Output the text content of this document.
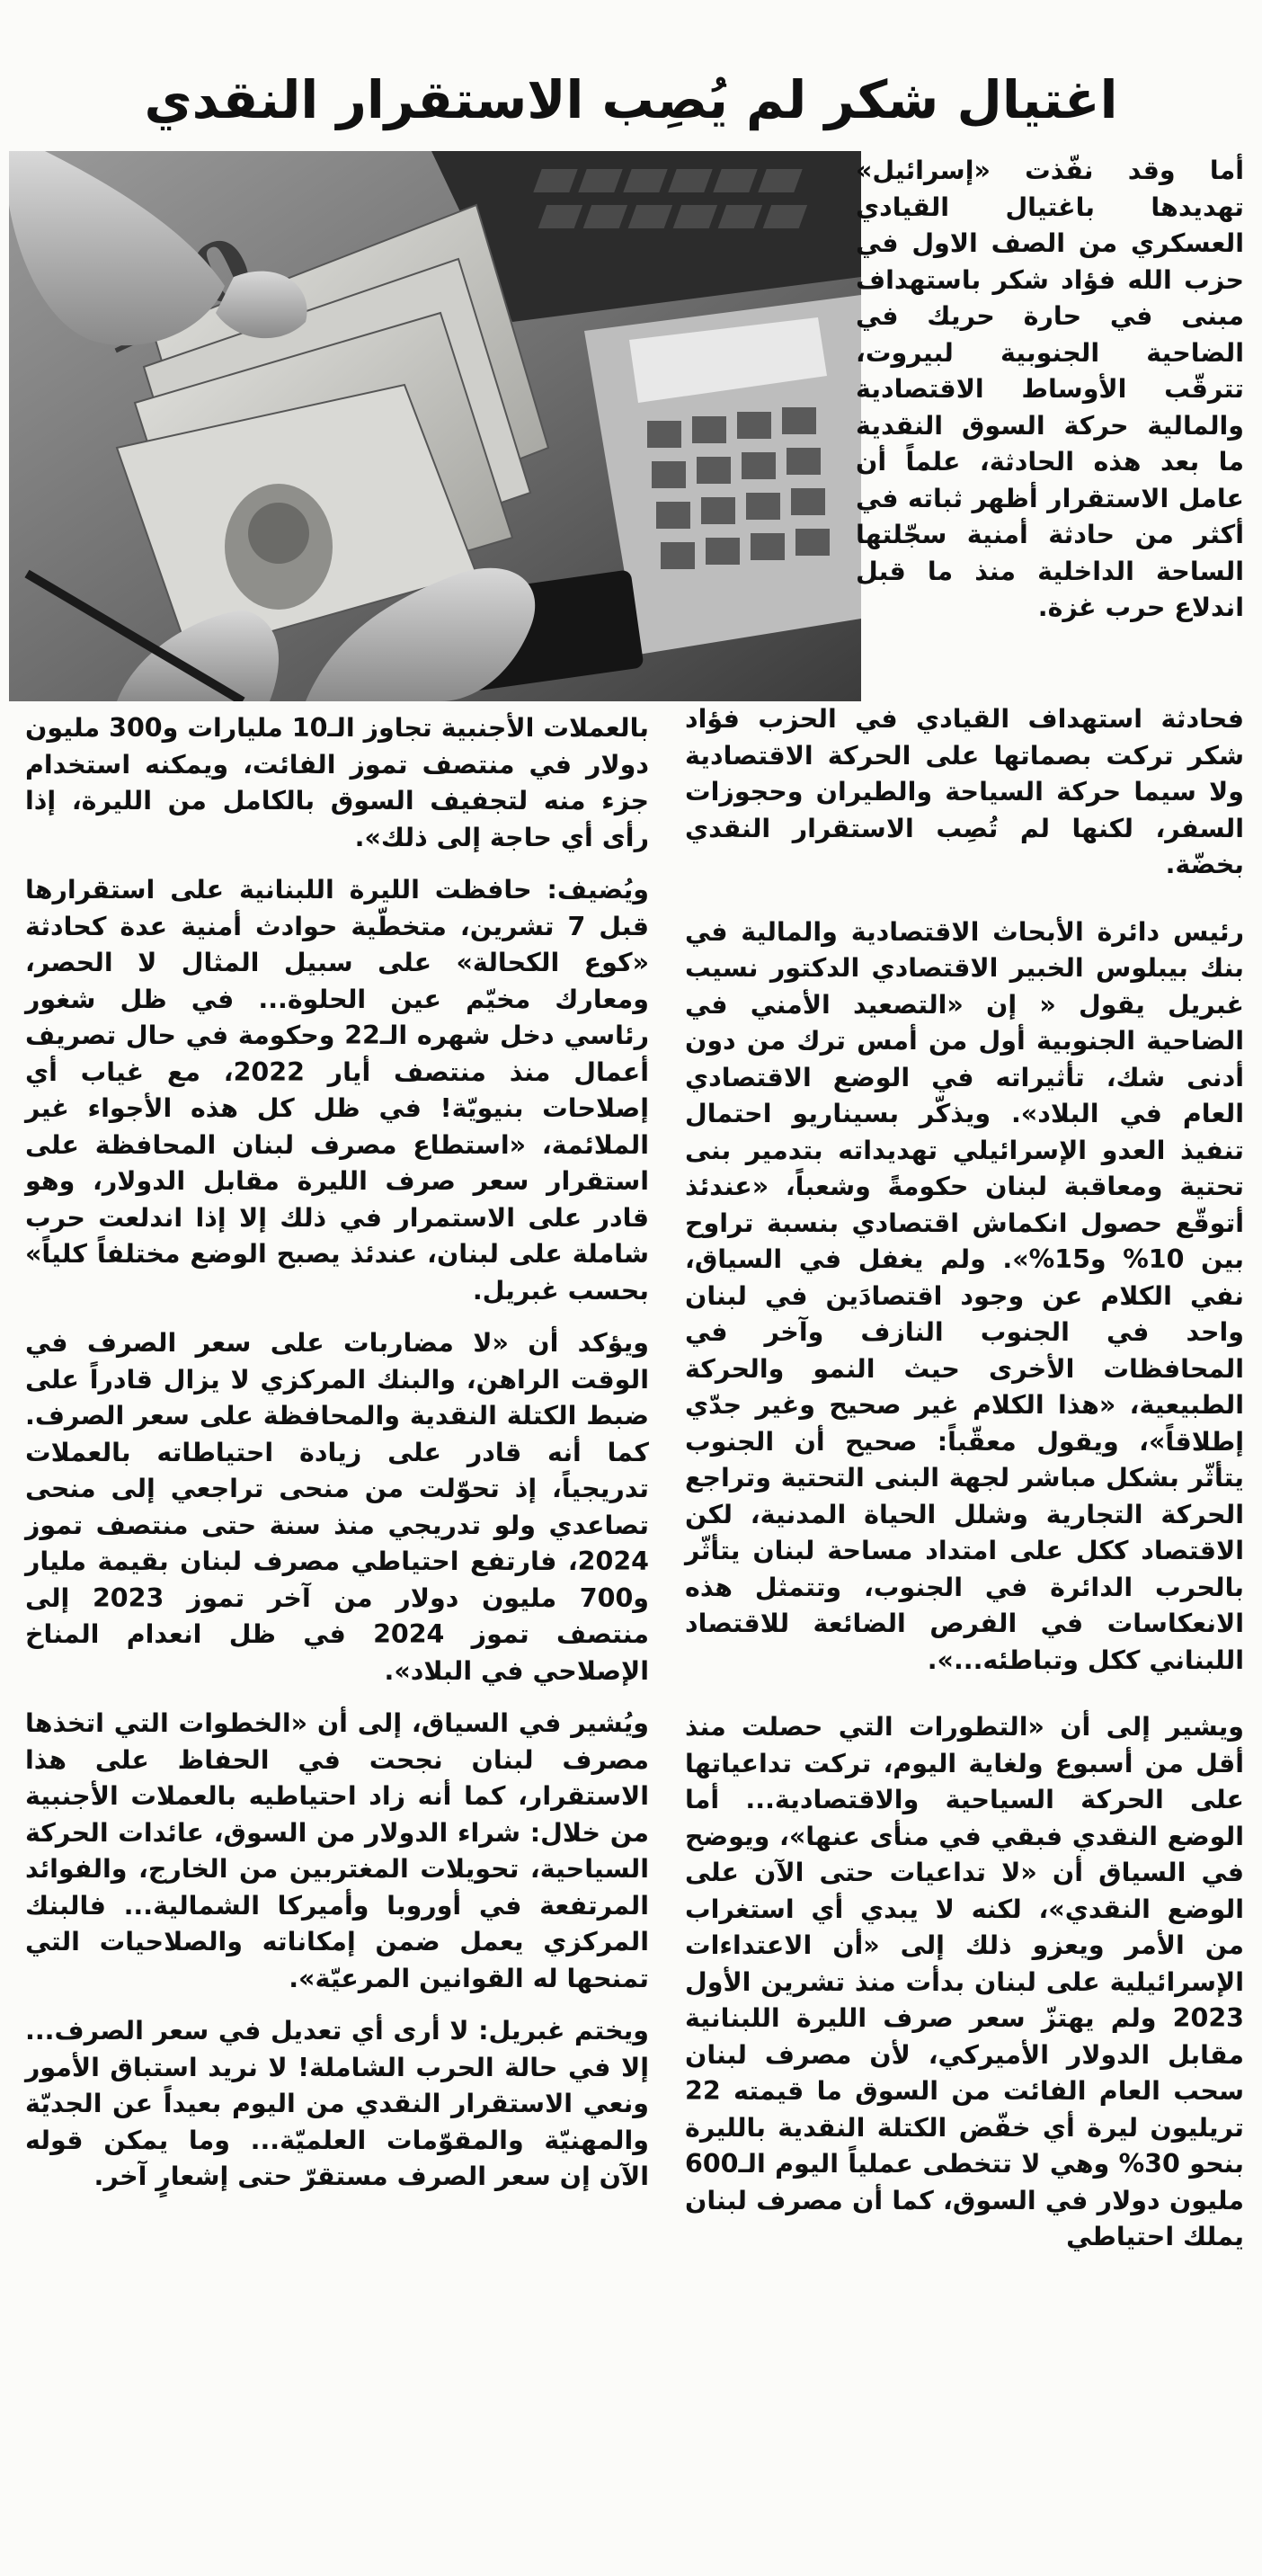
اغتيال شكر لم يُصِب الاستقرار النقدي

أما وقد نفّذت «إسرائيل» تهديدها باغتيال القيادي العسكري من الصف الاول في حزب الله فؤاد شكر باستهداف مبنى في حارة حريك في الضاحية الجنوبية لبيروت، تترقّب الأوساط الاقتصادية والمالية حركة السوق النقدية ما بعد هذه الحادثة، علماً أن عامل الاستقرار أظهر ثباته في أكثر من حادثة أمنية سجّلتها الساحة الداخلية منذ ما قبل اندلاع حرب غزة.

فحادثة استهداف القيادي في الحزب فؤاد شكر تركت بصماتها على الحركة الاقتصادية ولا سيما حركة السياحة والطيران وحجوزات السفر، لكنها لم تُصِب الاستقرار النقدي بخضّة.

رئيس دائرة الأبحاث الاقتصادية والمالية في بنك بيبلوس الخبير الاقتصادي الدكتور نسيب غبريل يقول « إن «التصعيد الأمني في الضاحية الجنوبية أول من أمس ترك من دون أدنى شك، تأثيراته في الوضع الاقتصادي العام في البلاد». ويذكّر بسيناريو احتمال تنفيذ العدو الإسرائيلي تهديداته بتدمير بنى تحتية ومعاقبة لبنان حكومةً وشعباً، «عندئذ أتوقّع حصول انكماش اقتصادي بنسبة تراوح بين 10% و15%». ولم يغفل في السياق، نفي الكلام عن وجود اقتصادَين في لبنان واحد في الجنوب النازف وآخر في المحافظات الأخرى حيث النمو والحركة الطبيعية، «هذا الكلام غير صحيح وغير جدّي إطلاقاً»، ويقول معقّباً: صحيح أن الجنوب يتأثّر بشكل مباشر لجهة البنى التحتية وتراجع الحركة التجارية وشلل الحياة المدنية، لكن الاقتصاد ككل على امتداد مساحة لبنان يتأثّر بالحرب الدائرة في الجنوب، وتتمثل هذه الانعكاسات في الفرص الضائعة للاقتصاد اللبناني ككل وتباطئه...».

ويشير إلى أن «التطورات التي حصلت منذ أقل من أسبوع ولغاية اليوم، تركت تداعياتها على الحركة السياحية والاقتصادية... أما الوضع النقدي فبقي في منأى عنها»، ويوضح في السياق أن «لا تداعيات حتى الآن على الوضع النقدي»، لكنه لا يبدي أي استغراب من الأمر ويعزو ذلك إلى «أن الاعتداءات الإسرائيلية على لبنان بدأت منذ تشرين الأول 2023 ولم يهتزّ سعر صرف الليرة اللبنانية مقابل الدولار الأميركي، لأن مصرف لبنان سحب العام الفائت من السوق ما قيمته 22 تريليون ليرة أي خفّض الكتلة النقدية بالليرة بنحو 30% وهي لا تتخطى عملياً اليوم الـ600 مليون دولار في السوق، كما أن مصرف لبنان يملك احتياطي

بالعملات الأجنبية تجاوز الـ10 مليارات و300 مليون دولار في منتصف تموز الفائت، ويمكنه استخدام جزء منه لتجفيف السوق بالكامل من الليرة، إذا رأى أي حاجة إلى ذلك».

ويُضيف: حافظت الليرة اللبنانية على استقرارها قبل 7 تشرين، متخطّية حوادث أمنية عدة كحادثة «كوع الكحالة» على سبيل المثال لا الحصر، ومعارك مخيّم عين الحلوة... في ظل شغور رئاسي دخل شهره الـ22 وحكومة في حال تصريف أعمال منذ منتصف أيار 2022، مع غياب أي إصلاحات بنيويّة! في ظل كل هذه الأجواء غير الملائمة، «استطاع مصرف لبنان المحافظة على استقرار سعر صرف الليرة مقابل الدولار، وهو قادر على الاستمرار في ذلك إلا إذا اندلعت حرب شاملة على لبنان، عندئذ يصبح الوضع مختلفاً كلياً» بحسب غبريل.

ويؤكد أن «لا مضاربات على سعر الصرف في الوقت الراهن، والبنك المركزي لا يزال قادراً على ضبط الكتلة النقدية والمحافظة على سعر الصرف. كما أنه قادر على زيادة احتياطاته بالعملات تدريجياً، إذ تحوّلت من منحى تراجعي إلى منحى تصاعدي ولو تدريجي منذ سنة حتى منتصف تموز 2024، فارتفع احتياطي مصرف لبنان بقيمة مليار و700 مليون دولار من آخر تموز 2023 إلى منتصف تموز 2024 في ظل انعدام المناخ الإصلاحي في البلاد».

ويُشير في السياق، إلى أن «الخطوات التي اتخذها مصرف لبنان نجحت في الحفاظ على هذا الاستقرار، كما أنه زاد احتياطيه بالعملات الأجنبية من خلال: شراء الدولار من السوق، عائدات الحركة السياحية، تحويلات المغتربين من الخارج، والفوائد المرتفعة في أوروبا وأميركا الشمالية... فالبنك المركزي يعمل ضمن إمكاناته والصلاحيات التي تمنحها له القوانين المرعيّة».

ويختم غبريل: لا أرى أي تعديل في سعر الصرف... إلا في حالة الحرب الشاملة! لا نريد استباق الأمور ونعي الاستقرار النقدي من اليوم بعيداً عن الجديّة والمهنيّة والمقوّمات العلميّة... وما يمكن قوله الآن إن سعر الصرف مستقرّ حتى إشعارٍ آخر.
